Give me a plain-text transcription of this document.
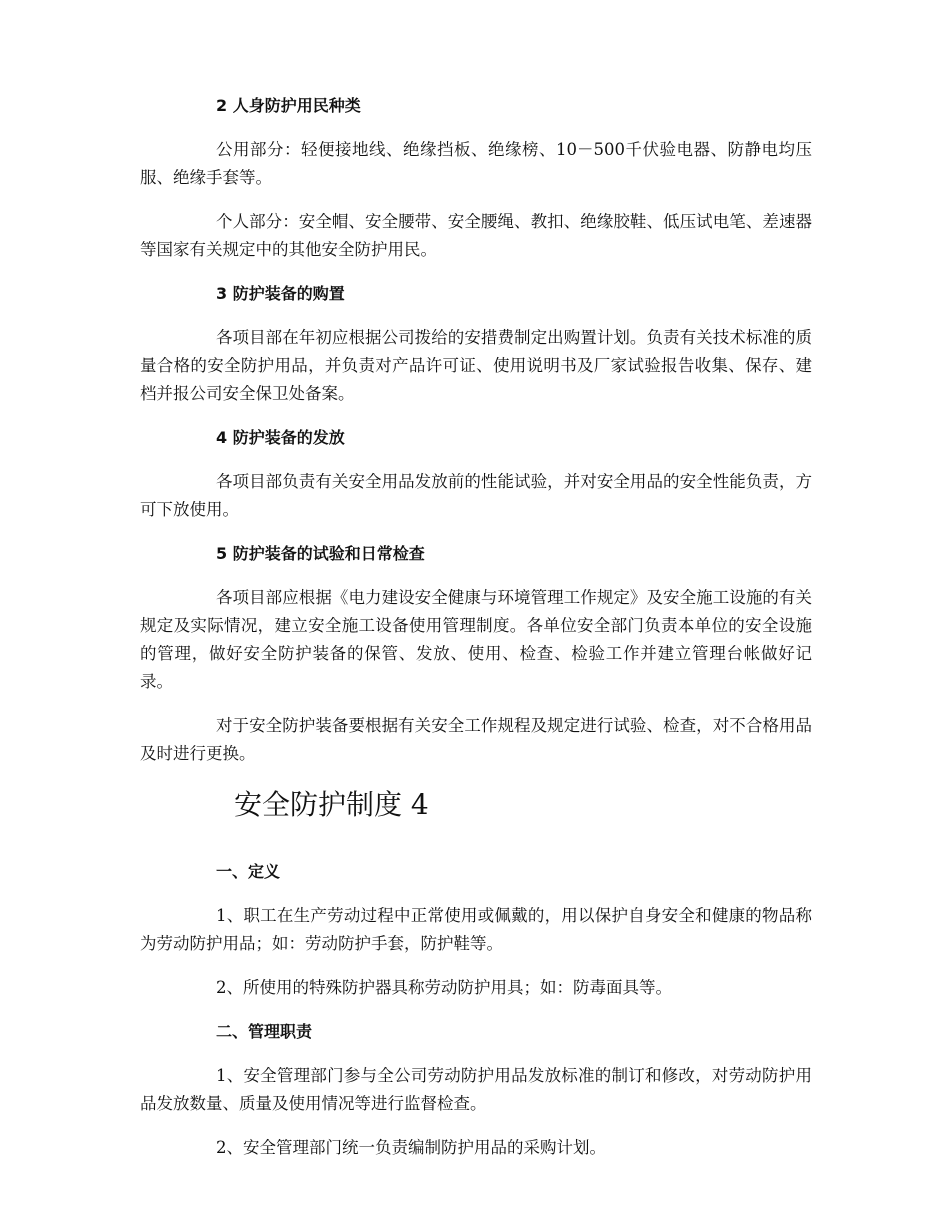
2 人身防护用民种类

公用部分：轻便接地线、绝缘挡板、绝缘榜、10－500千伏验电器、防静电均压服、绝缘手套等。

个人部分：安全帽、安全腰带、安全腰绳、教扣、绝缘胶鞋、低压试电笔、差速器等国家有关规定中的其他安全防护用民。

3 防护装备的购置

各项目部在年初应根据公司拨给的安措费制定出购置计划。负责有关技术标准的质量合格的安全防护用品，并负责对产品许可证、使用说明书及厂家试验报告收集、保存、建档并报公司安全保卫处备案。

4 防护装备的发放

各项目部负责有关安全用品发放前的性能试验，并对安全用品的安全性能负责，方可下放使用。

5 防护装备的试验和日常检查

各项目部应根据《电力建设安全健康与环境管理工作规定》及安全施工设施的有关规定及实际情况，建立安全施工设备使用管理制度。各单位安全部门负责本单位的安全设施的管理，做好安全防护装备的保管、发放、使用、检查、检验工作并建立管理台帐做好记录。

对于安全防护装备要根据有关安全工作规程及规定进行试验、检查，对不合格用品及时进行更换。

安全防护制度 4

一、定义

1、职工在生产劳动过程中正常使用或佩戴的，用以保护自身安全和健康的物品称为劳动防护用品；如：劳动防护手套，防护鞋等。

2、所使用的特殊防护器具称劳动防护用具；如：防毒面具等。

二、管理职责

1、安全管理部门参与全公司劳动防护用品发放标准的制订和修改，对劳动防护用品发放数量、质量及使用情况等进行监督检查。

2、安全管理部门统一负责编制防护用品的采购计划。
